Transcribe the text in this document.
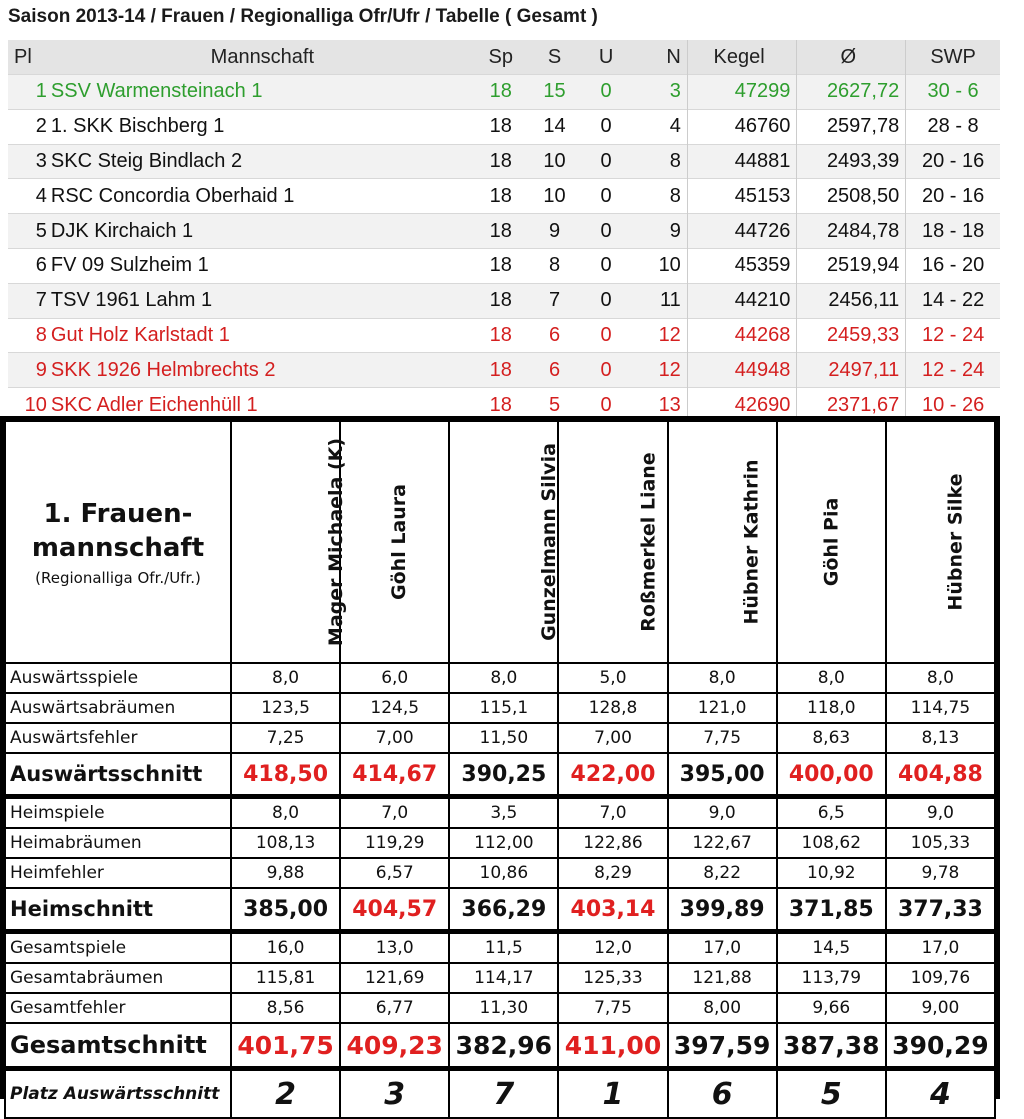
Saison 2013-14 / Frauen / Regionalliga Ofr/Ufr / Tabelle ( Gesamt )
Pl	Mannschaft	Sp	S	U	N	Kegel	Ø	SWP
1	SSV Warmensteinach 1	18	15	0	3	47299	2627,72	30 - 6
2	1. SKK Bischberg 1	18	14	0	4	46760	2597,78	28 - 8
3	SKC Steig Bindlach 2	18	10	0	8	44881	2493,39	20 - 16
4	RSC Concordia Oberhaid 1	18	10	0	8	45153	2508,50	20 - 16
5	DJK Kirchaich 1	18	9	0	9	44726	2484,78	18 - 18
6	FV 09 Sulzheim 1	18	8	0	10	45359	2519,94	16 - 20
7	TSV 1961 Lahm 1	18	7	0	11	44210	2456,11	14 - 22
8	Gut Holz Karlstadt 1	18	6	0	12	44268	2459,33	12 - 24
9	SKK 1926 Helmbrechts 2	18	6	0	12	44948	2497,11	12 - 24
10	SKC Adler Eichenhüll 1	18	5	0	13	42690	2371,67	10 - 26
1. Frauen-mannschaft
(Regionalliga Ofr./Ufr.)	Mager Michaela (K)	Göhl Laura	Gunzelmann Silvia	Roßmerkel Liane	Hübner Kathrin	Göhl Pia	Hübner Silke
Auswärtsspiele	8,0	6,0	8,0	5,0	8,0	8,0	8,0
Auswärtsabräumen	123,5	124,5	115,1	128,8	121,0	118,0	114,75
Auswärtsfehler	7,25	7,00	11,50	7,00	7,75	8,63	8,13
Auswärtsschnitt	418,50	414,67	390,25	422,00	395,00	400,00	404,88
Heimspiele	8,0	7,0	3,5	7,0	9,0	6,5	9,0
Heimabräumen	108,13	119,29	112,00	122,86	122,67	108,62	105,33
Heimfehler	9,88	6,57	10,86	8,29	8,22	10,92	9,78
Heimschnitt	385,00	404,57	366,29	403,14	399,89	371,85	377,33
Gesamtspiele	16,0	13,0	11,5	12,0	17,0	14,5	17,0
Gesamtabräumen	115,81	121,69	114,17	125,33	121,88	113,79	109,76
Gesamtfehler	8,56	6,77	11,30	7,75	8,00	9,66	9,00
Gesamtschnitt	401,75	409,23	382,96	411,00	397,59	387,38	390,29
Platz Auswärtsschnitt	2	3	7	1	6	5	4
